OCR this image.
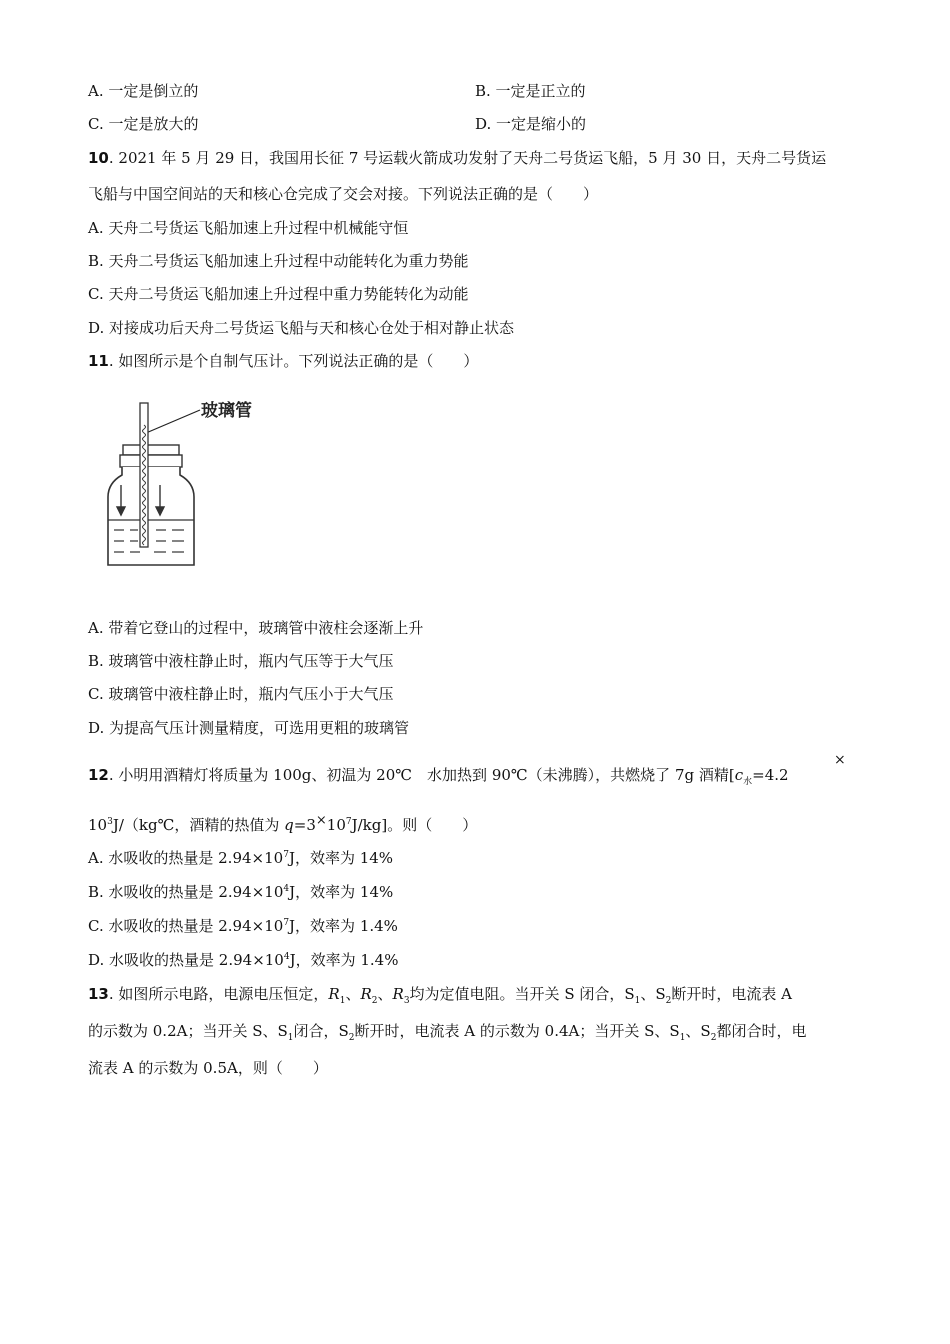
A. 一定是倒立的	B. 一定是正立的
C. 一定是放大的	D. 一定是缩小的
10. 2021 年 5 月 29 日，我国用长征 7 号运载火箭成功发射了天舟二号货运飞船，5 月 30 日，天舟二号货运
飞船与中国空间站的天和核心仓完成了交会对接。下列说法正确的是（　　）
A. 天舟二号货运飞船加速上升过程中机械能守恒
B. 天舟二号货运飞船加速上升过程中动能转化为重力势能
C. 天舟二号货运飞船加速上升过程中重力势能转化为动能
D. 对接成功后天舟二号货运飞船与天和核心仓处于相对静止状态
11. 如图所示是个自制气压计。下列说法正确的是（　　）
玻璃管
A. 带着它登山的过程中，玻璃管中液柱会逐渐上升
B. 玻璃管中液柱静止时，瓶内气压等于大气压
C. 玻璃管中液柱静止时，瓶内气压小于大气压
D. 为提高气压计测量精度，可选用更粗的玻璃管
12. 小明用酒精灯将质量为 100g、初温为 20℃　水加热到 90℃（未沸腾），共燃烧了 7g 酒精[$c_水=4.2$
×
$10^3J/(kg℃$，酒精的热值为 $q=3\times 10^7J/kg$]。则（　　）
A. 水吸收的热量是 $2.94\times 10^7J$，效率为 14%
B. 水吸收的热量是 $2.94\times 10^4J$，效率为 14%
C. 水吸收的热量是 $2.94\times 10^7J$，效率为 1.4%
D. 水吸收的热量是 $2.94\times 10^4J$，效率为 1.4%
13. 如图所示电路，电源电压恒定，$R_1$、$R_2$、$R_3$均为定值电阻。当开关 S 闭合，$S_1$、$S_2$断开时，电流表 A
的示数为 0.2A；当开关 S、$S_1$闭合，$S_2$断开时，电流表 A 的示数为 0.4A；当开关 S、$S_1$、$S_2$都闭合时，电
流表 A 的示数为 0.5A，则（　　）
